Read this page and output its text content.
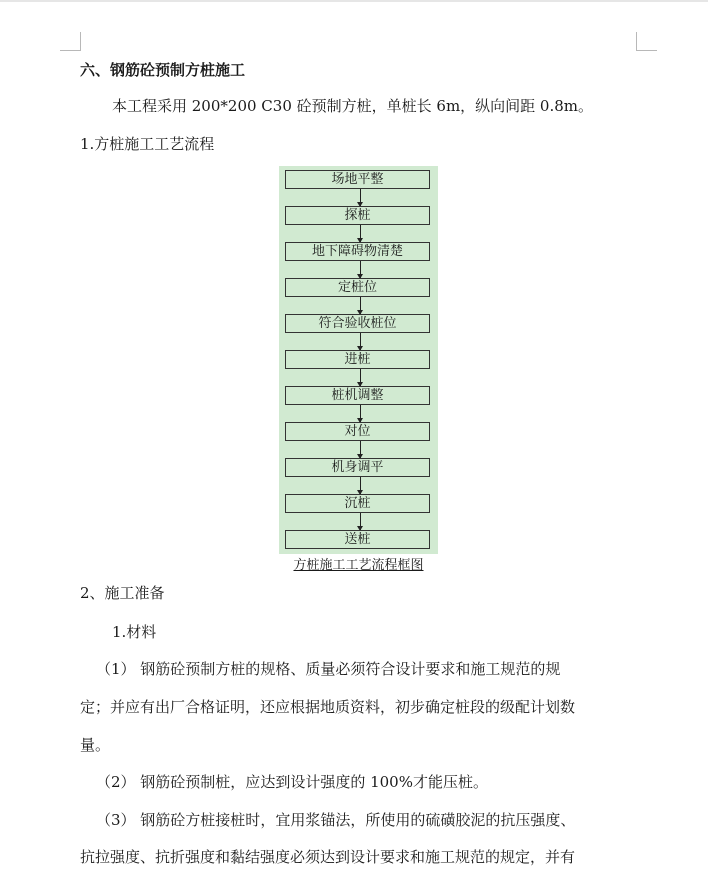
六、钢筋砼预制方桩施工
本工程采用 200*200 C30 砼预制方桩，单桩长 6m，纵向间距 0.8m。
1.方桩施工工艺流程
场地平整
探桩
地下障碍物清楚
定桩位
符合验收桩位
进桩
桩机调整
对位
机身调平
沉桩
送桩
方桩施工工艺流程框图
2、施工准备
1.材料
（1） 钢筋砼预制方桩的规格、质量必须符合设计要求和施工规范的规
定；并应有出厂合格证明，还应根据地质资料，初步确定桩段的级配计划数
量。
（2） 钢筋砼预制桩，应达到设计强度的 100%才能压桩。
（3） 钢筋砼方桩接桩时，宜用浆锚法，所使用的硫磺胶泥的抗压强度、
抗拉强度、抗折强度和黏结强度必须达到设计要求和施工规范的规定，并有
